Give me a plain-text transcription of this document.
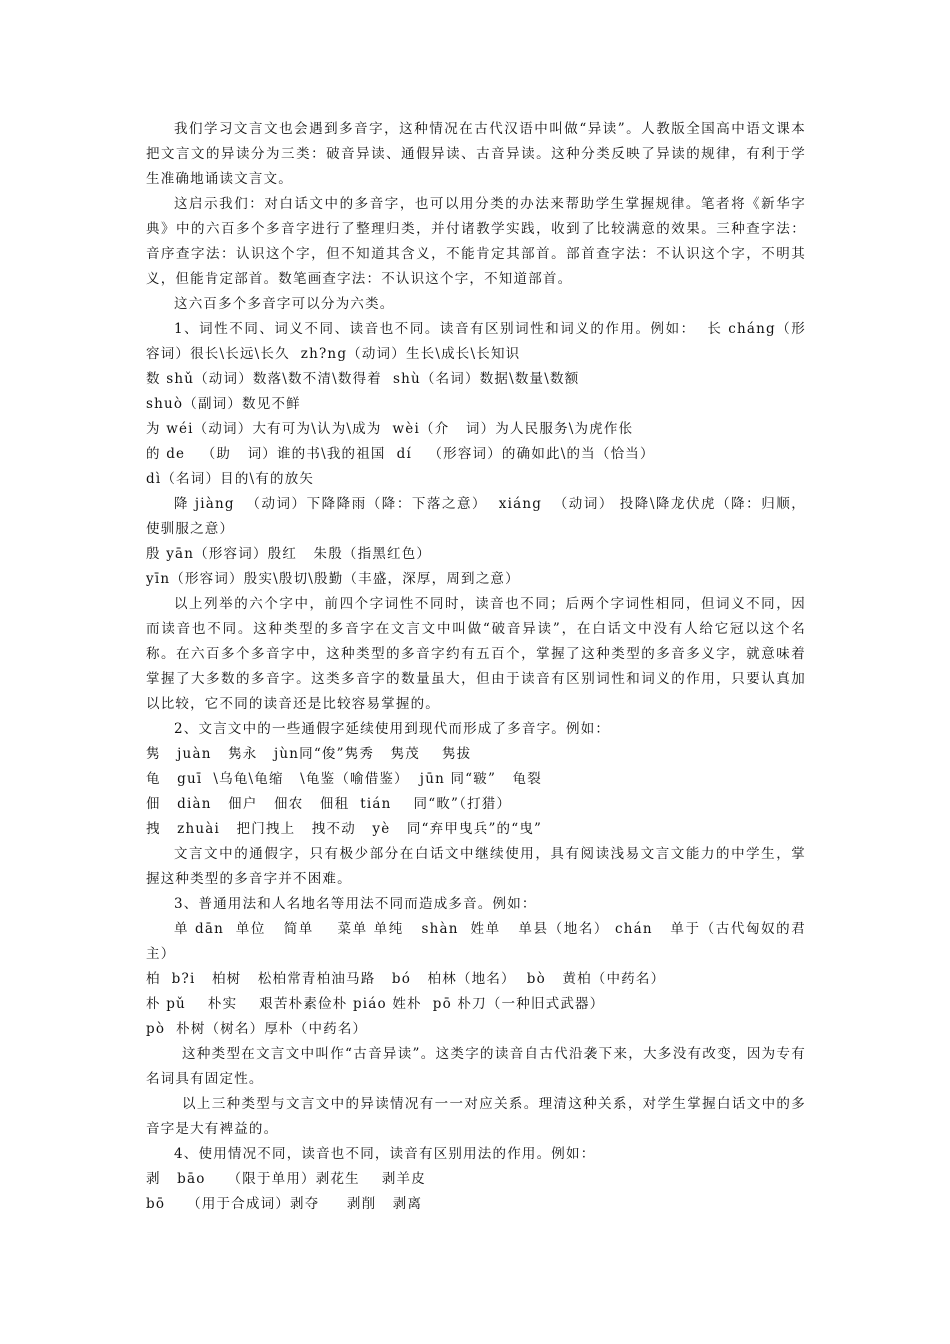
我们学习文言文也会遇到多音字，这种情况在古代汉语中叫做“异读”。人教版全国高中语文课本把文言文的异读分为三类：破音异读、通假异读、古音异读。这种分类反映了异读的规律，有利于学生准确地诵读文言文。

这启示我们：对白话文中的多音字，也可以用分类的办法来帮助学生掌握规律。笔者将《新华字典》中的六百多个多音字进行了整理归类，并付诸教学实践，收到了比较满意的效果。三种查字法：音序查字法：认识这个字，但不知道其含义，不能肯定其部首。部首查字法：不认识这个字，不明其义，但能肯定部首。数笔画查字法：不认识这个字，不知道部首。

这六百多个多音字可以分为六类。

1、词性不同、词义不同、读音也不同。读音有区别词性和词义的作用。例如：  长 cháng（形容词）很长\长远\长久  zh?ng（动词）生长\成长\长知识

数 shǔ（动词）数落\数不清\数得着  shù（名词）数据\数量\数额

shuò（副词）数见不鲜

为 wéi（动词）大有可为\认为\成为  wèi（介   词）为人民服务\为虎作伥

的 de   （助   词）谁的书\我的祖国  dí   （形容词）的确如此\的当（恰当）

dì（名词）目的\有的放矢

降 jiàng  （动词）下降降雨（降：下落之意）  xiáng  （动词） 投降\降龙伏虎（降：归顺，使驯服之意）

殷 yān（形容词）殷红   朱殷（指黑红色）

yīn（形容词）殷实\殷切\殷勤（丰盛，深厚，周到之意）

以上列举的六个字中，前四个字词性不同时，读音也不同；后两个字词性相同，但词义不同，因而读音也不同。这种类型的多音字在文言文中叫做“破音异读”，在白话文中没有人给它冠以这个名称。在六百多个多音字中，这种类型的多音字约有五百个，掌握了这种类型的多音多义字，就意味着掌握了大多数的多音字。这类多音字的数量虽大，但由于读音有区别词性和词义的作用，只要认真加以比较，它不同的读音还是比较容易掌握的。

2、文言文中的一些通假字延续使用到现代而形成了多音字。例如：

隽   juàn   隽永   jùn同“俊”隽秀   隽茂    隽拔

龟   guī  \乌龟\龟缩   \龟鉴（喻借鉴）  jūn 同“皲”   龟裂

佃   diàn   佃户   佃农   佃租  tián    同“畋”（打猎）

拽   zhuài   把门拽上   拽不动   yè   同“弃甲曳兵”的“曳”

文言文中的通假字，只有极少部分在白话文中继续使用，具有阅读浅易文言文能力的中学生，掌握这种类型的多音字并不困难。

3、普通用法和人名地名等用法不同而造成多音。例如：

单 dān  单位   简单    菜单 单纯   shàn  姓单   单县（地名） chán   单于（古代匈奴的君主）

柏  b?i   柏树   松柏常青柏油马路   bó   柏林（地名）  bò   黄柏（中药名）

朴 pǔ    朴实    艰苦朴素俭朴 piáo 姓朴  pō 朴刀（一种旧式武器）

pò  朴树（树名）厚朴（中药名）

这种类型在文言文中叫作“古音异读”。这类字的读音自古代沿袭下来，大多没有改变，因为专有名词具有固定性。

以上三种类型与文言文中的异读情况有一一对应关系。理清这种关系，对学生掌握白话文中的多音字是大有裨益的。

4、使用情况不同，读音也不同，读音有区别用法的作用。例如：

剥   bāo    （限于单用）剥花生    剥羊皮

bō    （用于合成词）剥夺     剥削   剥离
